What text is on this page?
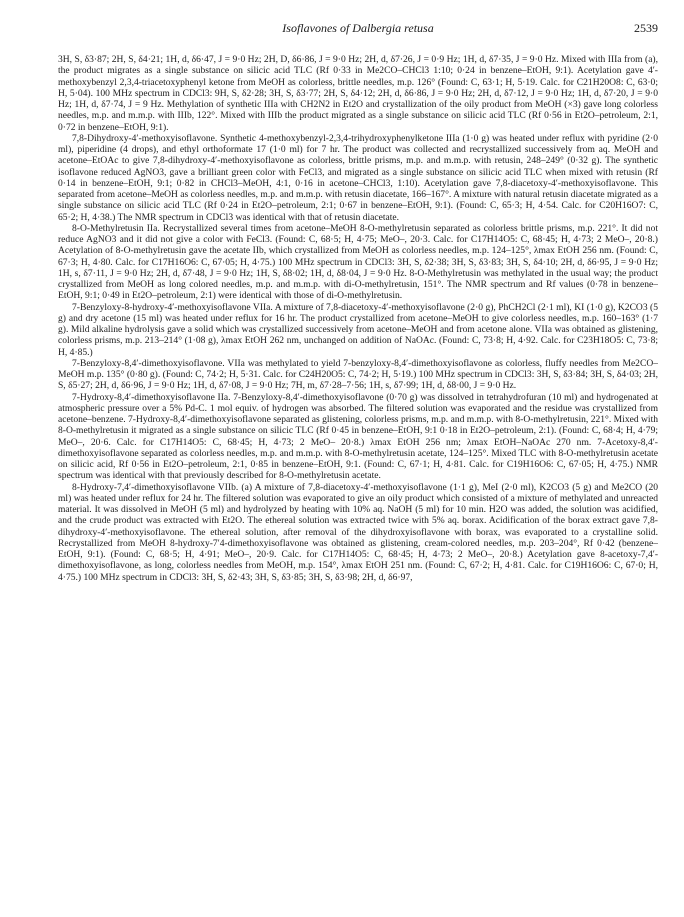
Isoflavones of Dalbergia retusa	2539

3H, S, δ3·87; 2H, S, δ4·21; 1H, d, δ6·47, J = 9·0 Hz; 2H, D, δ6·86, J = 9·0 Hz; 2H, d, δ7·26, J = 0·9 Hz; 1H, d, δ7·35, J = 9·0 Hz. Mixed with IIIa from (a), the product migrates as a single substance on silicic acid TLC (Rf 0·33 in Me2CO–CHCl3 1:10; 0·24 in benzene–EtOH, 9:1). Acetylation gave 4′-methoxybenzyl 2,3,4-triacetoxyphenyl ketone from MeOH as colorless, brittle needles, m.p. 126° (Found: C, 63·1; H, 5·19. Calc. for C21H20O8: C, 63·0; H, 5·04). 100 MHz spectrum in CDCl3: 9H, S, δ2·28; 3H, S, δ3·77; 2H, S, δ4·12; 2H, d, δ6·86, J = 9·0 Hz; 2H, d, δ7·12, J = 9·0 Hz; 1H, d, δ7·20, J = 9·0 Hz; 1H, d, δ7·74, J = 9 Hz. Methylation of synthetic IIIa with CH2N2 in Et2O and crystallization of the oily product from MeOH (×3) gave long colorless needles, m.p. and m.m.p. with IIIb, 122°. Mixed with IIIb the product migrated as a single substance on silicic acid TLC (Rf 0·56 in Et2O–petroleum, 2:1, 0·72 in benzene–EtOH, 9:1).

7,8-Dihydroxy-4′-methoxyisoflavone. Synthetic 4-methoxybenzyl-2,3,4-trihydroxyphenylketone IIIa (1·0 g) was heated under reflux with pyridine (2·0 ml), piperidine (4 drops), and ethyl orthoformate 17 (1·0 ml) for 7 hr. The product was collected and recrystallized successively from aq. MeOH and acetone–EtOAc to give 7,8-dihydroxy-4′-methoxyisoflavone as colorless, brittle prisms, m.p. and m.m.p. with retusin, 248–249° (0·32 g). The synthetic isoflavone reduced AgNO3, gave a brilliant green color with FeCl3, and migrated as a single substance on silicic acid TLC when mixed with retusin (Rf 0·14 in benzene–EtOH, 9:1; 0·82 in CHCl3–MeOH, 4:1, 0·16 in acetone–CHCl3, 1:10). Acetylation gave 7,8-diacetoxy-4′-methoxyisoflavone. This separated from acetone–MeOH as colorless needles, m.p. and m.m.p. with retusin diacetate, 166–167°. A mixture with natural retusin diacetate migrated as a single substance on silicic acid TLC (Rf 0·24 in Et2O–petroleum, 2:1; 0·67 in benzene–EtOH, 9:1). (Found: C, 65·3; H, 4·54. Calc. for C20H16O7: C, 65·2; H, 4·38.) The NMR spectrum in CDCl3 was identical with that of retusin diacetate.

8-O-Methylretusin IIa. Recrystallized several times from acetone–MeOH 8-O-methylretusin separated as colorless brittle prisms, m.p. 221°. It did not reduce AgNO3 and it did not give a color with FeCl3. (Found: C, 68·5; H, 4·75; MeO–, 20·3. Calc. for C17H14O5: C, 68·45; H, 4·73; 2 MeO–, 20·8.) Acetylation of 8-O-methylretusin gave the acetate IIb, which crystallized from MeOH as colorless needles, m.p. 124–125°, λmax EtOH 256 nm. (Found: C, 67·3; H, 4·80. Calc. for C17H16O6: C, 67·05; H, 4·75.) 100 MHz spectrum in CDCl3: 3H, S, δ2·38; 3H, S, δ3·83; 3H, S, δ4·10; 2H, d, δ6·95, J = 9·0 Hz; 1H, s, δ7·11, J = 9·0 Hz; 2H, d, δ7·48, J = 9·0 Hz; 1H, S, δ8·02; 1H, d, δ8·04, J = 9·0 Hz. 8-O-Methylretusin was methylated in the usual way; the product crystallized from MeOH as long colored needles, m.p. and m.m.p. with di-O-methylretusin, 151°. The NMR spectrum and Rf values (0·78 in benzene–EtOH, 9:1; 0·49 in Et2O–petroleum, 2:1) were identical with those of di-O-methylretusin.

7-Benzyloxy-8-hydroxy-4′-methoxyisoflavone VIIa. A mixture of 7,8-diacetoxy-4′-methoxyisoflavone (2·0 g), PhCH2Cl (2·1 ml), KI (1·0 g), K2CO3 (5 g) and dry acetone (15 ml) was heated under reflux for 16 hr. The product crystallized from acetone–MeOH to give colorless needles, m.p. 160–163° (1·7 g). Mild alkaline hydrolysis gave a solid which was crystallized successively from acetone–MeOH and from acetone alone. VIIa was obtained as glistening, colorless prisms, m.p. 213–214° (1·08 g), λmax EtOH 262 nm, unchanged on addition of NaOAc. (Found: C, 73·8; H, 4·92. Calc. for C23H18O5: C, 73·8; H, 4·85.)

7-Benzyloxy-8,4′-dimethoxyisoflavone. VIIa was methylated to yield 7-benzyloxy-8,4′-dimethoxyisoflavone as colorless, fluffy needles from Me2CO–MeOH m.p. 135° (0·80 g). (Found: C, 74·2; H, 5·31. Calc. for C24H20O5: C, 74·2; H, 5·19.) 100 MHz spectrum in CDCl3: 3H, S, δ3·84; 3H, S, δ4·03; 2H, S, δ5·27; 2H, d, δ6·96, J = 9·0 Hz; 1H, d, δ7·08, J = 9·0 Hz; 7H, m, δ7·28–7·56; 1H, s, δ7·99; 1H, d, δ8·00, J = 9·0 Hz.

7-Hydroxy-8,4′-dimethoxyisoflavone IIa. 7-Benzyloxy-8,4′-dimethoxyisoflavone (0·70 g) was dissolved in tetrahydrofuran (10 ml) and hydrogenated at atmospheric pressure over a 5% Pd-C. 1 mol equiv. of hydrogen was absorbed. The filtered solution was evaporated and the residue was crystallized from acetone–benzene. 7-Hydroxy-8,4′-dimethoxyisoflavone separated as glistening, colorless prisms, m.p. and m.m.p. with 8-O-methylretusin, 221°. Mixed with 8-O-methylretusin it migrated as a single substance on silicic TLC (Rf 0·45 in benzene–EtOH, 9:1 0·18 in Et2O–petroleum, 2:1). (Found: C, 68·4; H, 4·79; MeO–, 20·6. Calc. for C17H14O5: C, 68·45; H, 4·73; 2 MeO– 20·8.) λmax EtOH 256 nm; λmax EtOH–NaOAc 270 nm. 7-Acetoxy-8,4′-dimethoxyisoflavone separated as colorless needles, m.p. and m.m.p. with 8-O-methylretusin acetate, 124–125°. Mixed TLC with 8-O-methylretusin acetate on silicic acid, Rf 0·56 in Et2O–petroleum, 2:1, 0·85 in benzene–EtOH, 9:1. (Found: C, 67·1; H, 4·81. Calc. for C19H16O6: C, 67·05; H, 4·75.) NMR spectrum was identical with that previously described for 8-O-methylretusin acetate.

8-Hydroxy-7,4′-dimethoxyisoflavone VIIb. (a) A mixture of 7,8-diacetoxy-4′-methoxyisoflavone (1·1 g), MeI (2·0 ml), K2CO3 (5 g) and Me2CO (20 ml) was heated under reflux for 24 hr. The filtered solution was evaporated to give an oily product which consisted of a mixture of methylated and unreacted material. It was dissolved in MeOH (5 ml) and hydrolyzed by heating with 10% aq. NaOH (5 ml) for 10 min. H2O was added, the solution was acidified, and the crude product was extracted with Et2O. The ethereal solution was extracted twice with 5% aq. borax. Acidification of the borax extract gave 7,8-dihydroxy-4′-methoxyisoflavone. The ethereal solution, after removal of the dihydroxyisoflavone with borax, was evaporated to a crystalline solid. Recrystallized from MeOH 8-hydroxy-7′4-dimethoxyisoflavone was obtained as glistening, cream-colored needles, m.p. 203–204°, Rf 0·42 (benzene–EtOH, 9:1). (Found: C, 68·5; H, 4·91; MeO–, 20·9. Calc. for C17H14O5: C, 68·45; H, 4·73; 2 MeO–, 20·8.) Acetylation gave 8-acetoxy-7,4′-dimethoxyisoflavone, as long, colorless needles from MeOH, m.p. 154°, λmax EtOH 251 nm. (Found: C, 67·2; H, 4·81. Calc. for C19H16O6: C, 67·0; H, 4·75.) 100 MHz spectrum in CDCl3: 3H, S, δ2·43; 3H, S, δ3·85; 3H, S, δ3·98; 2H, d, δ6·97,
